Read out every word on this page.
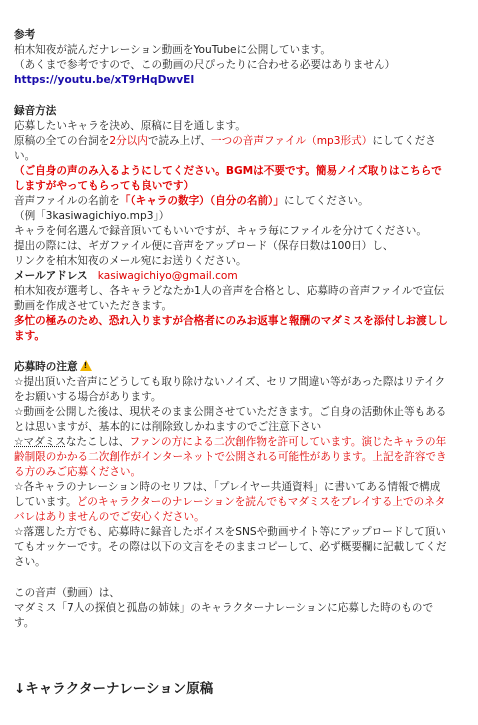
参考
柏木知夜が読んだナレーション動画をYouTubeに公開しています。
（あくまで参考ですので、この動画の尺ぴったりに合わせる必要はありません）
https://youtu.be/xT9rHqDwvEI
録音方法
応募したいキャラを決め、原稿に目を通します。
原稿の全ての台詞を2分以内で読み上げ、一つの音声ファイル（mp3形式）にしてくださ
い。
（ご自身の声のみ入るようにしてください。BGMは不要です。簡易ノイズ取りはこちらで
しますがやってもらっても良いです）
音声ファイルの名前を「（キャラの数字）（自分の名前）」にしてください。
（例「3kasiwagichiyo.mp3」）
キャラを何名選んで録音頂いてもいいですが、キャラ毎にファイルを分けてください。
提出の際には、ギガファイル便に音声をアップロード（保存日数は100日）し、
リンクを柏木知夜のメール宛にお送りください。
メールアドレス kasiwagichiyo@gmail.com
柏木知夜が選考し、各キャラどなたか1人の音声を合格とし、応募時の音声ファイルで宣伝
動画を作成させていただきます。
多忙の極みのため、恐れ入りますが合格者にのみお返事と報酬のマダミスを添付しお渡しし
ます。
応募時の注意!
☆提出頂いた音声にどうしても取り除けないノイズ、セリフ間違い等があった際はリテイク
をお願いする場合があります。
☆動画を公開した後は、現状そのまま公開させていただきます。ご自身の活動休止等もある
とは思いますが、基本的には削除致しかねますのでご注意下さい
☆マダミスなたこしは、ファンの方による二次創作物を許可しています。演じたキャラの年
齢制限のかかる二次創作がインターネットで公開される可能性があります。上記を許容でき
る方のみご応募ください。
☆各キャラのナレーション時のセリフは、「プレイヤー共通資料」に書いてある情報で構成
しています。どのキャラクターのナレーションを読んでもマダミスをプレイする上でのネタ
バレはありませんのでご安心ください。
☆落選した方でも、応募時に録音したボイスをSNSや動画サイト等にアップロードして頂い
てもオッケーです。その際は以下の文言をそのままコピーして、必ず概要欄に記載してくだ
さい。
この音声（動画）は、
マダミス「7人の探偵と孤島の姉妹」のキャラクターナレーションに応募した時のもので
す。
↓キャラクターナレーション原稿
